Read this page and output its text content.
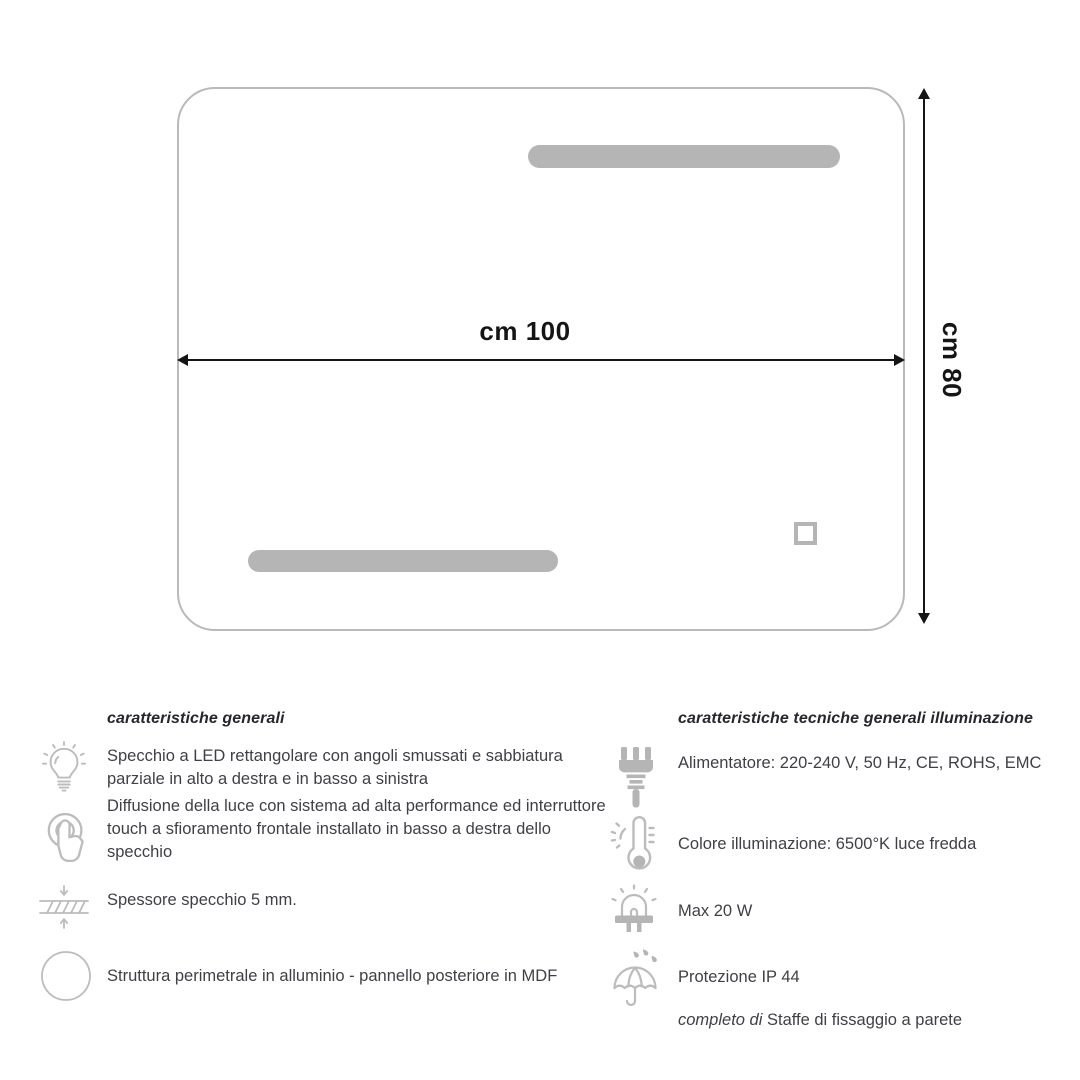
cm 100	cm 80
caratteristiche generali
Specchio a LED rettangolare con angoli smussati e sabbiatura parziale in alto a destra e in basso a sinistra
Diffusione della luce con sistema ad alta performance ed interruttore touch a sfioramento frontale installato in basso a destra dello specchio
Spessore specchio 5 mm.
Struttura perimetrale in alluminio - pannello posteriore in MDF
caratteristiche tecniche generali illuminazione
Alimentatore: 220-240 V, 50 Hz, CE, ROHS, EMC
Colore illuminazione: 6500°K luce fredda
Max 20 W
Protezione IP 44
completo di Staffe di fissaggio a parete
